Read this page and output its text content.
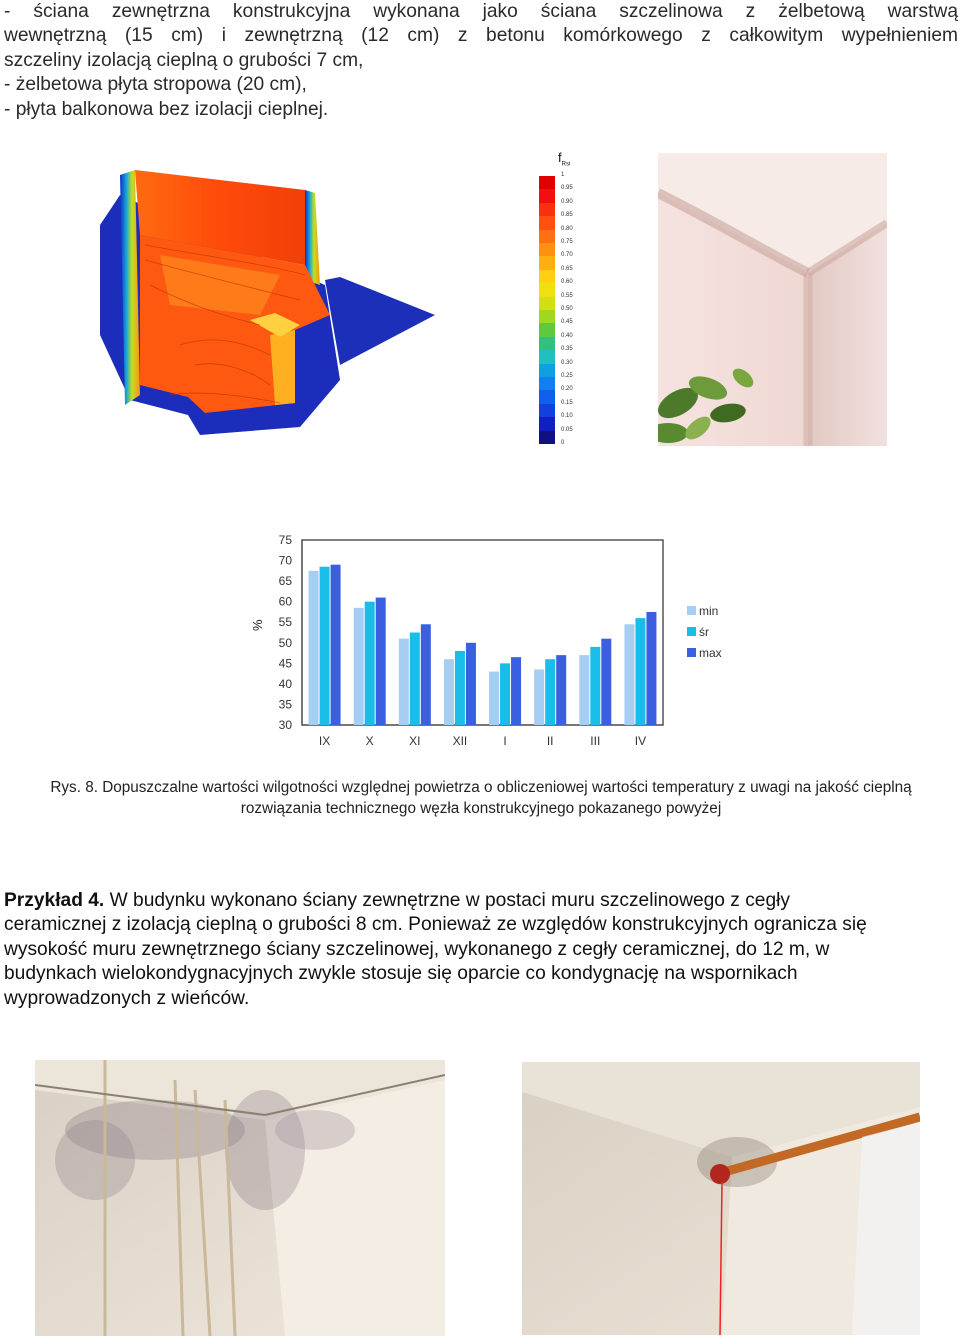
- ściana zewnętrzna konstrukcyjna wykonana jako ściana szczelinowa z żelbetową warstwą

wewnętrzną (15 cm) i zewnętrzną (12 cm) z betonu komórkowego z całkowitym wypełnieniem

szczeliny izolacją cieplną o grubości 7 cm,

- żelbetowa płyta stropowa (20 cm),

- płyta balkonowa bez izolacji cieplnej.

$f_{Rsi}$
1
0.95
0.90
0.85
0.80
0.75
0.70
0.65
0.60
0.55
0.50
0.45
0.40
0.35
0.30
0.25
0.20
0.15
0.10
0.05
0
75
70
65
60
55
50
45
40
35
30
IX	X	XI	XII	I	II	III	IV
%
min
śr
max
Rys. 8. Dopuszczalne wartości wilgotności względnej powietrza o obliczeniowej wartości temperatury z uwagi na jakość cieplną
rozwiązania technicznego węzła konstrukcyjnego pokazanego powyżej
Przykład 4. W budynku wykonano ściany zewnętrzne w postaci muru szczelinowego z cegły
ceramicznej z izolacją cieplną o grubości 8 cm. Ponieważ ze względów konstrukcyjnych ogranicza się
wysokość muru zewnętrznego ściany szczelinowej, wykonanego z cegły ceramicznej, do 12 m, w
budynkach wielokondygnacyjnych zwykle stosuje się oparcie co kondygnację na wspornikach
wyprowadzonych z wieńców.
